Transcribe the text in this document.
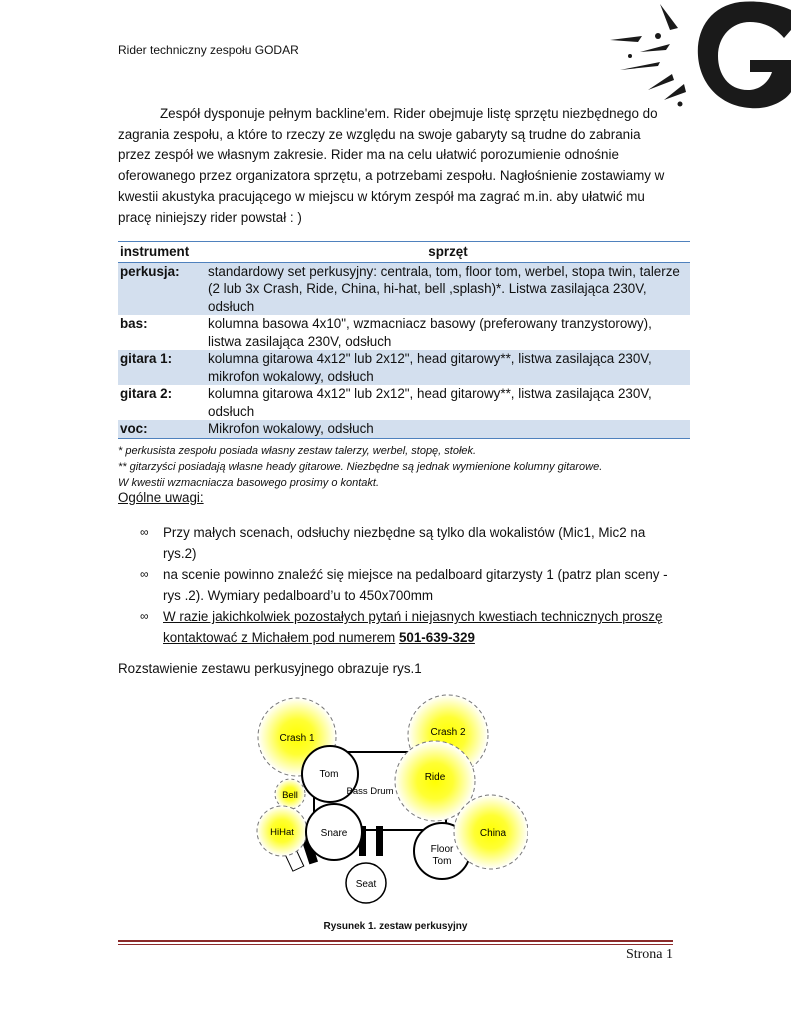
Rider techniczny zespołu GODAR
G
Zespół dysponuje pełnym backline'em. Rider obejmuje listę sprzętu niezbędnego do zagrania zespołu, a które to rzeczy ze względu na swoje gabaryty są trudne do zabrania przez zespół we własnym zakresie. Rider ma na celu ułatwić porozumienie odnośnie oferowanego przez organizatora sprzętu, a potrzebami zespołu. Nagłośnienie zostawiamy w kwestii akustyka pracującego w miejscu w którym zespół ma zagrać m.in. aby ułatwić mu pracę niniejszy rider powstał : )
instrument	sprzęt
perkusja:	standardowy set perkusyjny: centrala, tom, floor tom, werbel, stopa twin, talerze (2 lub 3x Crash, Ride, China, hi-hat, bell ,splash)*. Listwa zasilająca 230V, odsłuch
bas:	kolumna basowa 4x10", wzmacniacz basowy (preferowany tranzystorowy), listwa zasilająca 230V, odsłuch
gitara 1:	kolumna gitarowa 4x12" lub 2x12", head gitarowy**, listwa zasilająca 230V, mikrofon wokalowy, odsłuch
gitara 2:	kolumna gitarowa 4x12" lub 2x12", head gitarowy**, listwa zasilająca 230V, odsłuch
voc:	Mikrofon wokalowy, odsłuch
* perkusista zespołu posiada własny zestaw talerzy, werbel, stopę, stołek.
** gitarzyści posiadają własne heady gitarowe. Niezbędne są jednak wymienione kolumny gitarowe.
W kwestii wzmacniacza basowego prosimy o kontakt.
Ogólne uwagi:
∞ Przy małych scenach, odsłuchy niezbędne są tylko dla wokalistów (Mic1, Mic2 na rys.2)
∞ na scenie powinno znaleźć się miejsce na pedalboard gitarzysty 1 (patrz plan sceny - rys .2). Wymiary pedalboard’u to 450x700mm
∞ W razie jakichkolwiek pozostałych pytań i niejasnych kwestiach technicznych proszę kontaktować z Michałem pod numerem 501-639-329
Rozstawienie zestawu perkusyjnego obrazuje rys.1
Crash 1
Crash 2
Tom
Bass Drum
Ride
Bell
HiHat	Snare	China
Floor
Tom
Seat
Rysunek 1. zestaw perkusyjny
Strona 1
